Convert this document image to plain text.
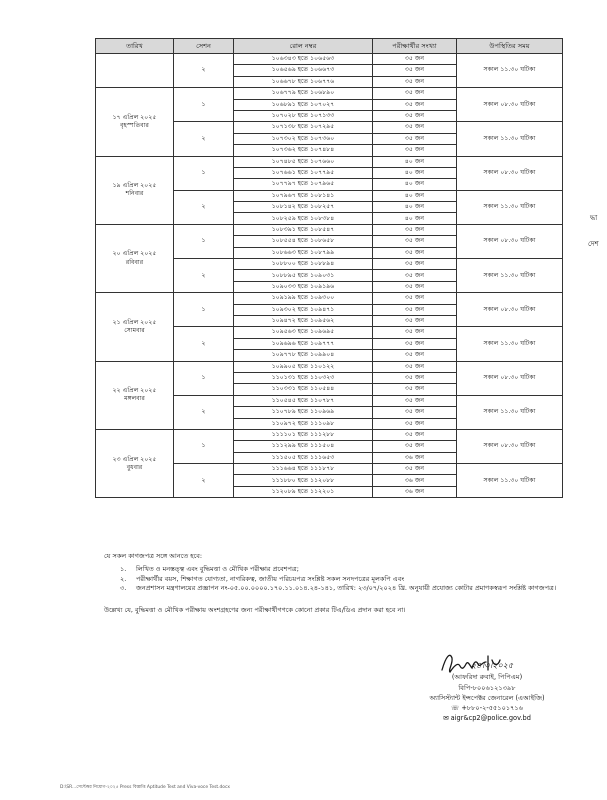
তারিখ	সেশন	রোল নম্বর	পরীক্ষার্থীর সংখ্যা	উপস্থিতির সময়

	২	১০৬৩৪৩ হতে ১০৬৫৬৩	৩৫ জন	সকাল ১১.৩০ ঘটিকা
		১০৬৫৬৯ হতে ১০৬৬৭৩	৩৫ জন	
		১০৬৬৭৮ হতে ১০৬৭৭৬	৩৫ জন	

১৭ এপ্রিল ২০২৫
বৃহস্পতিবার	১	১০৬৭৭৯ হতে ১০৬৮৯০	৩৫ জন	সকাল ০৮.৩০ ঘটিকা
		১০৬৮৯১ হতে ১০৭০২৭	৩৫ জন	
		১০৭০২৮ হতে ১০৭১৩৩	৩৫ জন	
	২	১০৭১৩৮ হতে ১০৭২৯৫	৩৫ জন	সকাল ১১.৩০ ঘটিকা
		১০৭৩০২ হতে ১০৭৩৬০	৩৫ জন	
		১০৭৩৬২ হতে ১০৭৪৮৪	৩৫ জন	

১৯ এপ্রিল ২০২৫
শনিবার	১	১০৭৪৮৫ হতে ১০৭৬৬০	৪০ জন	সকাল ০৮.৩০ ঘটিকা
		১০৭৬৬১ হতে ১০৭৭৯৫	৪০ জন	
		১০৭৭৯৭ হতে ১০৭৯৬৫	৪০ জন	
	২	১০৭৯৬৭ হতে ১০৮১৪১	৪০ জন	সকাল ১১.৩০ ঘটিকা
		১০৮১৪২ হতে ১০৮২৫৭	৪০ জন	
		১০৮২৫৯ হতে ১০৮৩৮৪	৪০ জন	

২০ এপ্রিল ২০২৫
রবিবার	১	১০৮৩৯১ হতে ১০৮৫৪৭	৩৫ জন	সকাল ০৮.৩০ ঘটিকা
		১০৮৫৫৪ হতে ১০৮৬৫৮	৩৫ জন	
		১০৮৬৬৩ হতে ১০৮৭৯৯	৩৫ জন	
	২	১০৮৮০০ হতে ১০৮৮৯৪	৩৫ জন	সকাল ১১.৩০ ঘটিকা
		১০৮৮৯৫ হতে ১০৯০৩১	৩৫ জন	
		১০৯০৩৩ হতে ১০৯১৯৬	৩৫ জন	

২১ এপ্রিল ২০২৫
সোমবার	১	১০৯১৯৯ হতে ১০৯৩০০	৩৫ জন	সকাল ০৮.৩০ ঘটিকা
		১০৯৩০২ হতে ১০৯৪৭১	৩৫ জন	
		১০৯৪৭২ হতে ১০৯৫৬২	৩৫ জন	
	২	১০৯৫৬৩ হতে ১০৯৬৯৫	৩৫ জন	সকাল ১১.৩০ ঘটিকা
		১০৯৬৯৬ হতে ১০৯৭৭৭	৩৫ জন	
		১০৯৭৭৮ হতে ১০৯৯০৪	৩৫ জন	

২২ এপ্রিল ২০২৫
মঙ্গলবার	১	১০৯৯০৫ হতে ১১০১২২	৩৫ জন	সকাল ০৮.৩০ ঘটিকা
		১১০১৩১ হতে ১১০৩২৩	৩৫ জন	
		১১০৩৩১ হতে ১১০৫৪৪	৩৫ জন	
	২	১১০৫৪৫ হতে ১১০৭৮৭	৩৫ জন	সকাল ১১.৩০ ঘটিকা
		১১০৭৮৯ হতে ১১০৯৬৯	৩৫ জন	
		১১০৯৭২ হতে ১১১০৯৮	৩৫ জন	

২৩ এপ্রিল ২০২৫
বুধবার	১	১১১১০১ হতে ১১১২৮৮	৩৫ জন	সকাল ০৮.৩০ ঘটিকা
		১১১২৯৯ হতে ১১১৫০৪	৩৫ জন	
		১১১৫০৫ হতে ১১১৬৫৩	৩৬ জন	
	২	১১১৬৬৪ হতে ১১১৮৭৮	৩৫ জন	সকাল ১১.৩০ ঘটিকা
		১১১৮৮০ হতে ১১২০৮৮	৩৬ জন	
		১১২০৮৯ হতে ১১২২০১	৩৬ জন	
দ্ধা
দেশ
যে সকল কাগজপত্র সঙ্গে আনতে হবে:
১. লিখিত ও মনস্তত্ত্ব এবং বুদ্ধিমত্তা ও মৌখিক পরীক্ষার প্রবেশপত্র;
২. পরীক্ষার্থীর বয়স, শিক্ষাগত যোগ্যতা, নাগরিকত্ব, জাতীয় পরিচয়পত্র সংশ্লিষ্ট সকল সনদপত্রের মূলকপি এবং
৩. জনপ্রশাসন মন্ত্রণালয়ের প্রজ্ঞাপন নং-০৫.০০.০০০০.১৭০.১১.০১৪.২৪-১৪১, তারিখ: ২৩/০৭/২০২৪ খ্রি. অনুযায়ী প্রযোজ্য কোটার প্রমাণকস্বরূপ সংশ্লিষ্ট কাগজপত্র।
উল্লেখ্য যে, বুদ্ধিমত্তা ও মৌখিক পরীক্ষায় অংশগ্রহণের জন্য পরীক্ষার্থীগণকে কোনো প্রকার টিএ/ডিএ প্রদান করা হবে না।
২৪।৩।২০২৫
(আফরিদা রুবাই, পিপিএম)
বিপি-৮০০৬১২১৩৯৮
অ্যাসিস্ট্যান্ট ইন্সপেক্টর জেনারেল (এআইজি)
☏ +৮৮০-২-৫৫১০১৭১৬
✉ aigr&cp2@police.gov.bd
D:\SR...সেপ্টেম্বর নিয়োগ-২০২৫ Press বিজ্ঞপ্তি Aptitude Test and Viva-voce Test.docx
